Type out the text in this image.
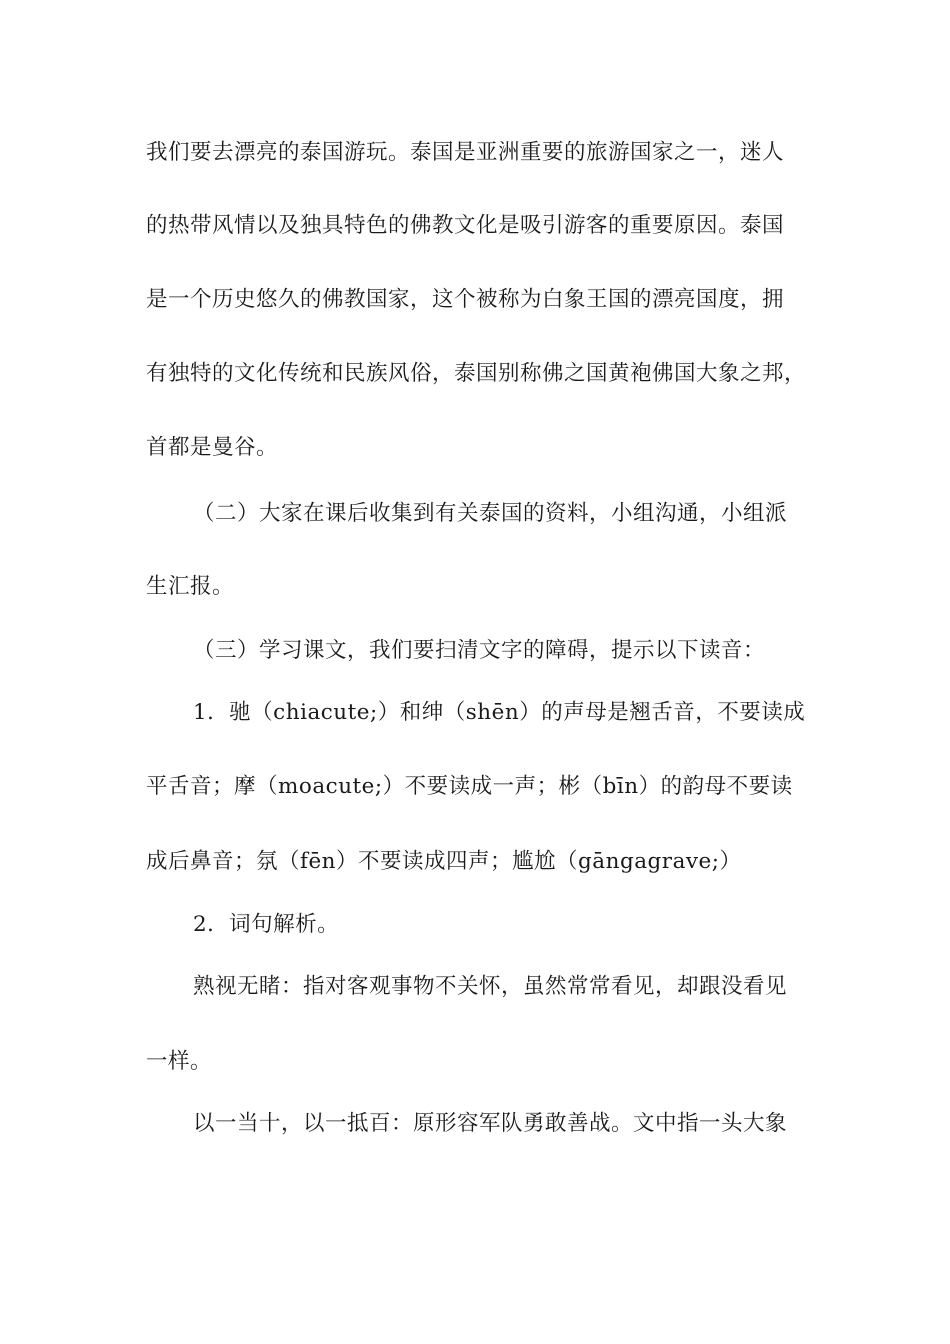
我们要去漂亮的泰国游玩。泰国是亚洲重要的旅游国家之一，迷人
的热带风情以及独具特色的佛教文化是吸引游客的重要原因。泰国
是一个历史悠久的佛教国家，这个被称为白象王国的漂亮国度，拥
有独特的文化传统和民族风俗，泰国别称佛之国黄袍佛国大象之邦，
首都是曼谷。
（二）大家在课后收集到有关泰国的资料，小组沟通，小组派
生汇报。
（三）学习课文，我们要扫清文字的障碍，提示以下读音：
1．驰（chiacute;）和绅（shēn）的声母是翘舌音，不要读成
平舌音；摩（moacute;）不要读成一声；彬（bīn）的韵母不要读
成后鼻音；氛（fēn）不要读成四声；尴尬（gāngagrave;）
2．词句解析。
熟视无睹：指对客观事物不关怀，虽然常常看见，却跟没看见
一样。
以一当十，以一抵百：原形容军队勇敢善战。文中指一头大象
